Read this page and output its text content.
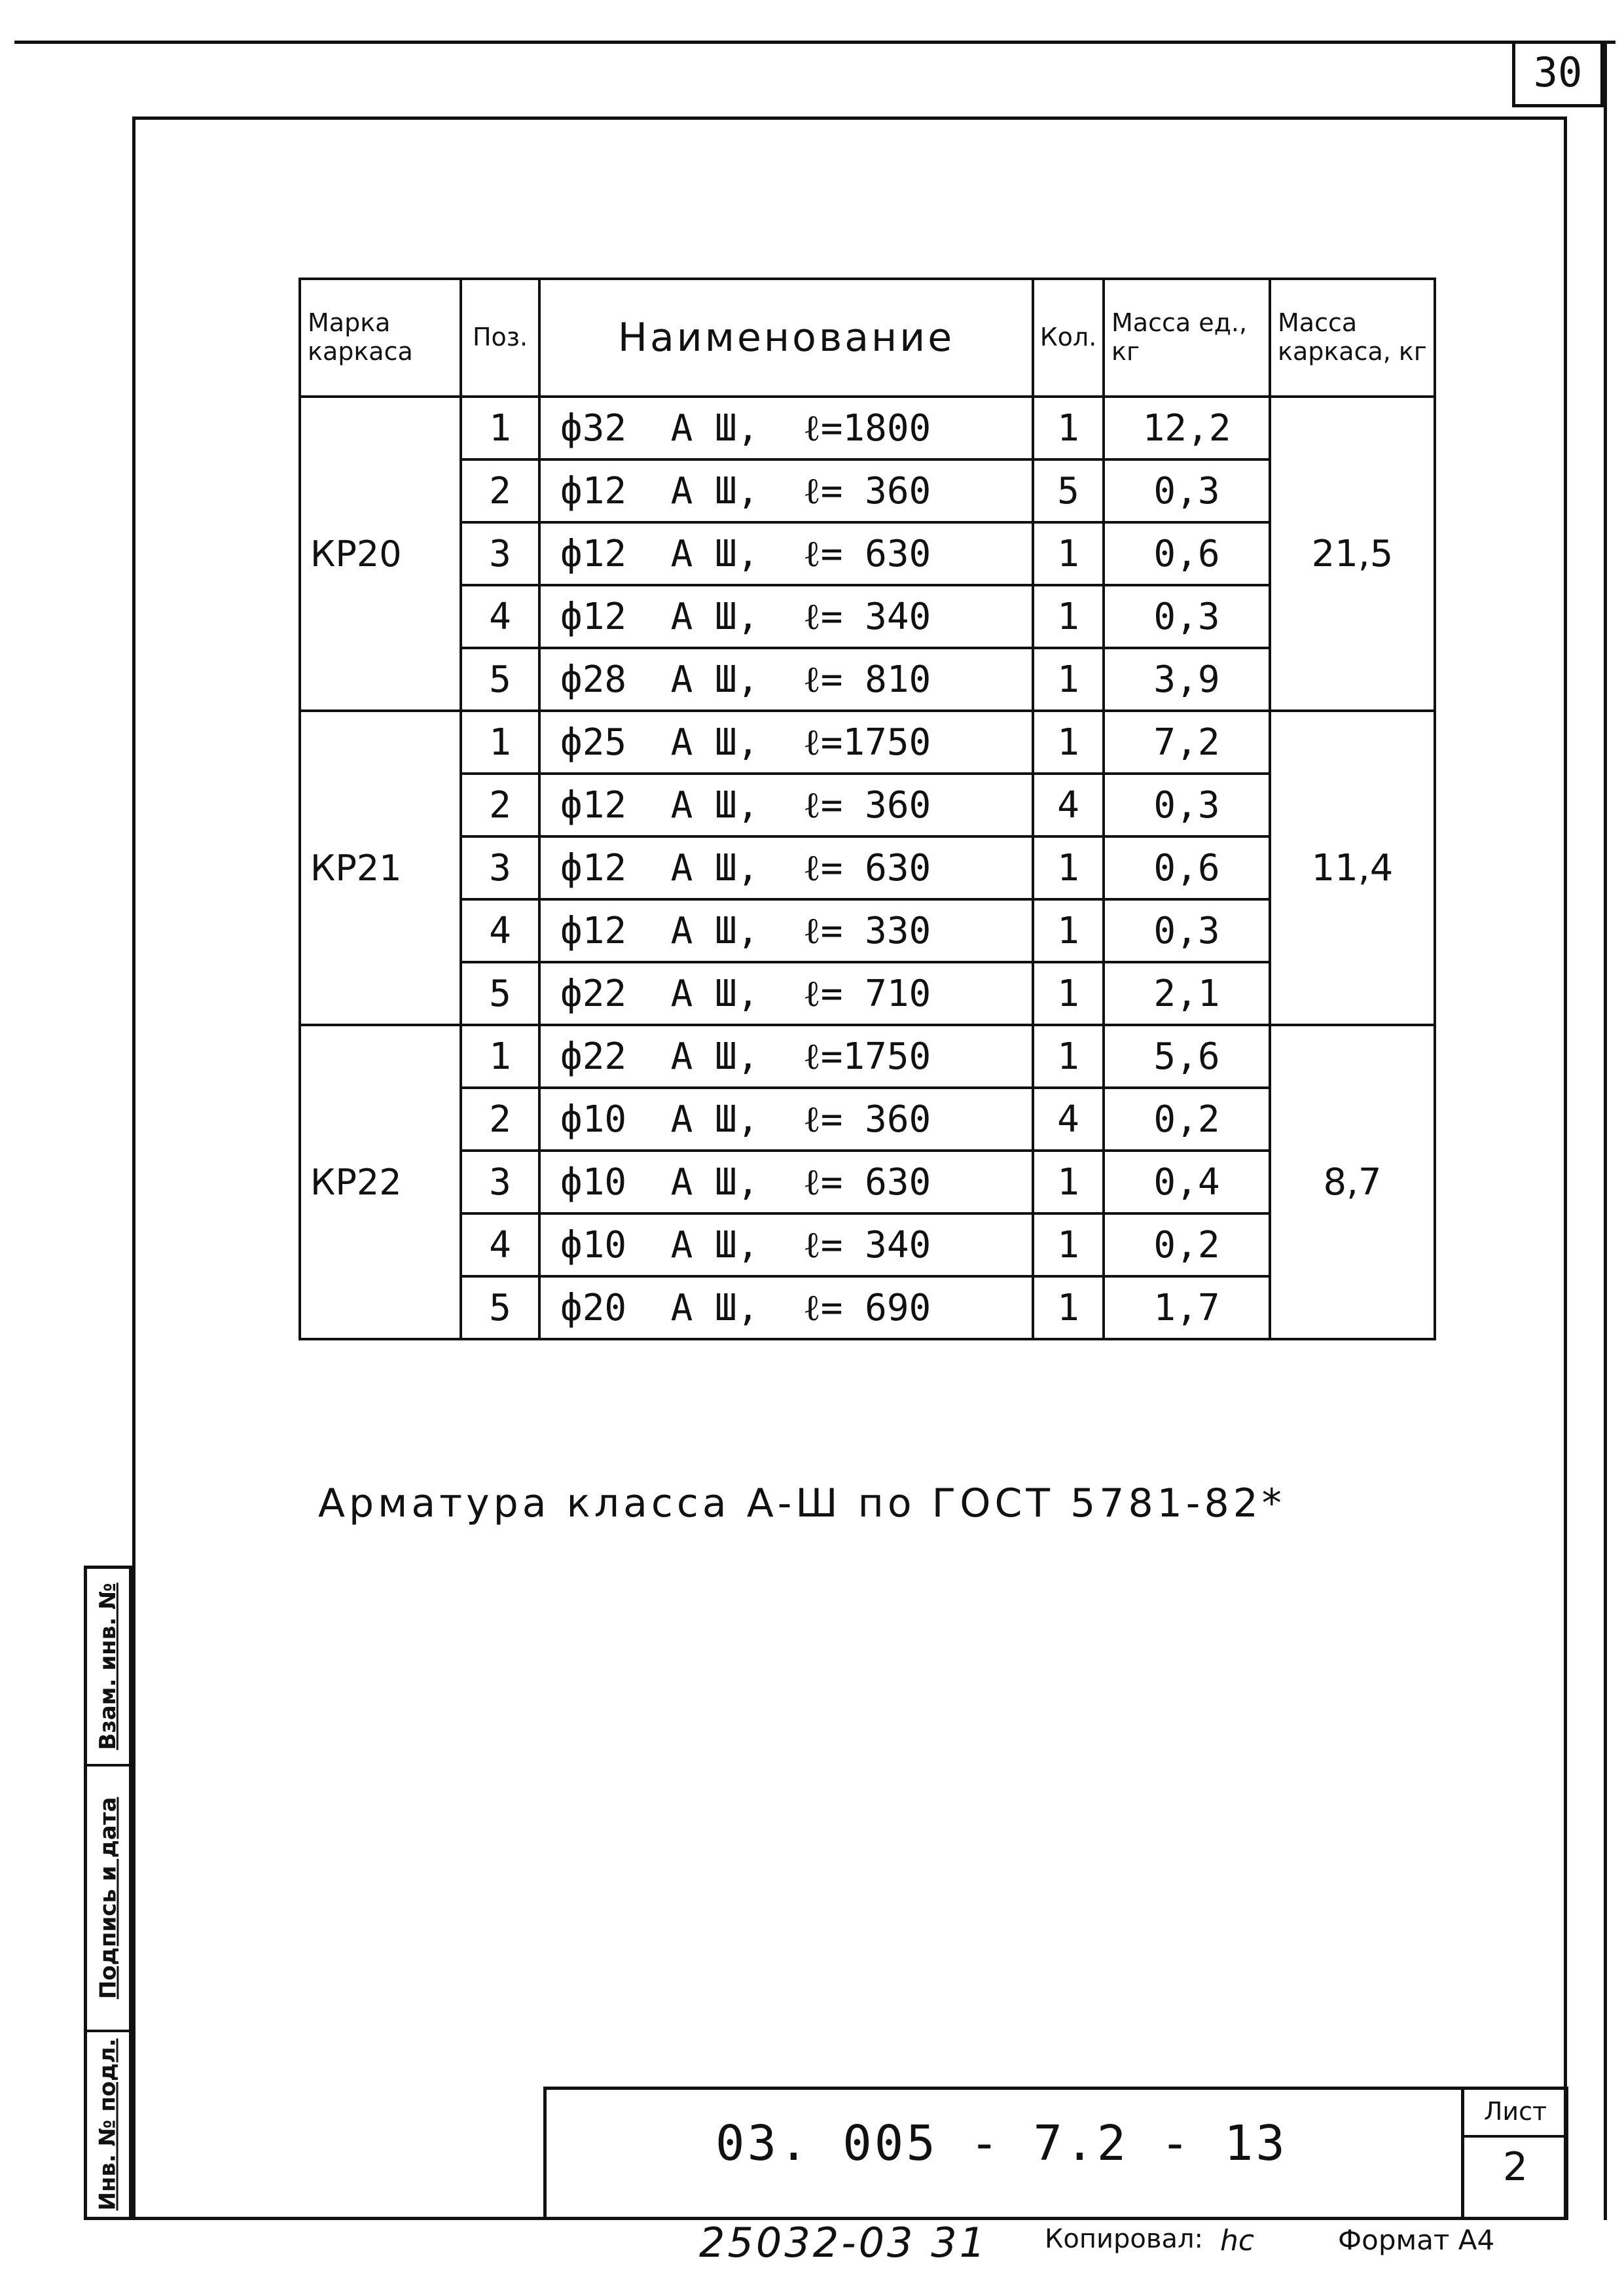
30
Марка каркаса	Поз.	Наименование	Кол.	Масса ед., кг	Масса каркаса, кг
КР20	1	ф32  А Ш,  ℓ=1800	1	12,2	21,5
	2	ф12  А Ш,  ℓ= 360	5	0,3	
	3	ф12  А Ш,  ℓ= 630	1	0,6	
	4	ф12  А Ш,  ℓ= 340	1	0,3	
	5	ф28  А Ш,  ℓ= 810	1	3,9	
КР21	1	ф25  А Ш,  ℓ=1750	1	7,2	11,4
	2	ф12  А Ш,  ℓ= 360	4	0,3	
	3	ф12  А Ш,  ℓ= 630	1	0,6	
	4	ф12  А Ш,  ℓ= 330	1	0,3	
	5	ф22  А Ш,  ℓ= 710	1	2,1	
КР22	1	ф22  А Ш,  ℓ=1750	1	5,6	8,7
	2	ф10  А Ш,  ℓ= 360	4	0,2	
	3	ф10  А Ш,  ℓ= 630	1	0,4	
	4	ф10  А Ш,  ℓ= 340	1	0,2	
	5	ф20  А Ш,  ℓ= 690	1	1,7	
Арматура класса А-Ш по ГОСТ 5781-82*
Взам. инв. №
Подпись и дата
Инв. № подл.	03. 005 - 7.2 - 13
Лист
2
25032-03 31 Копировал: hc	Формат А4
